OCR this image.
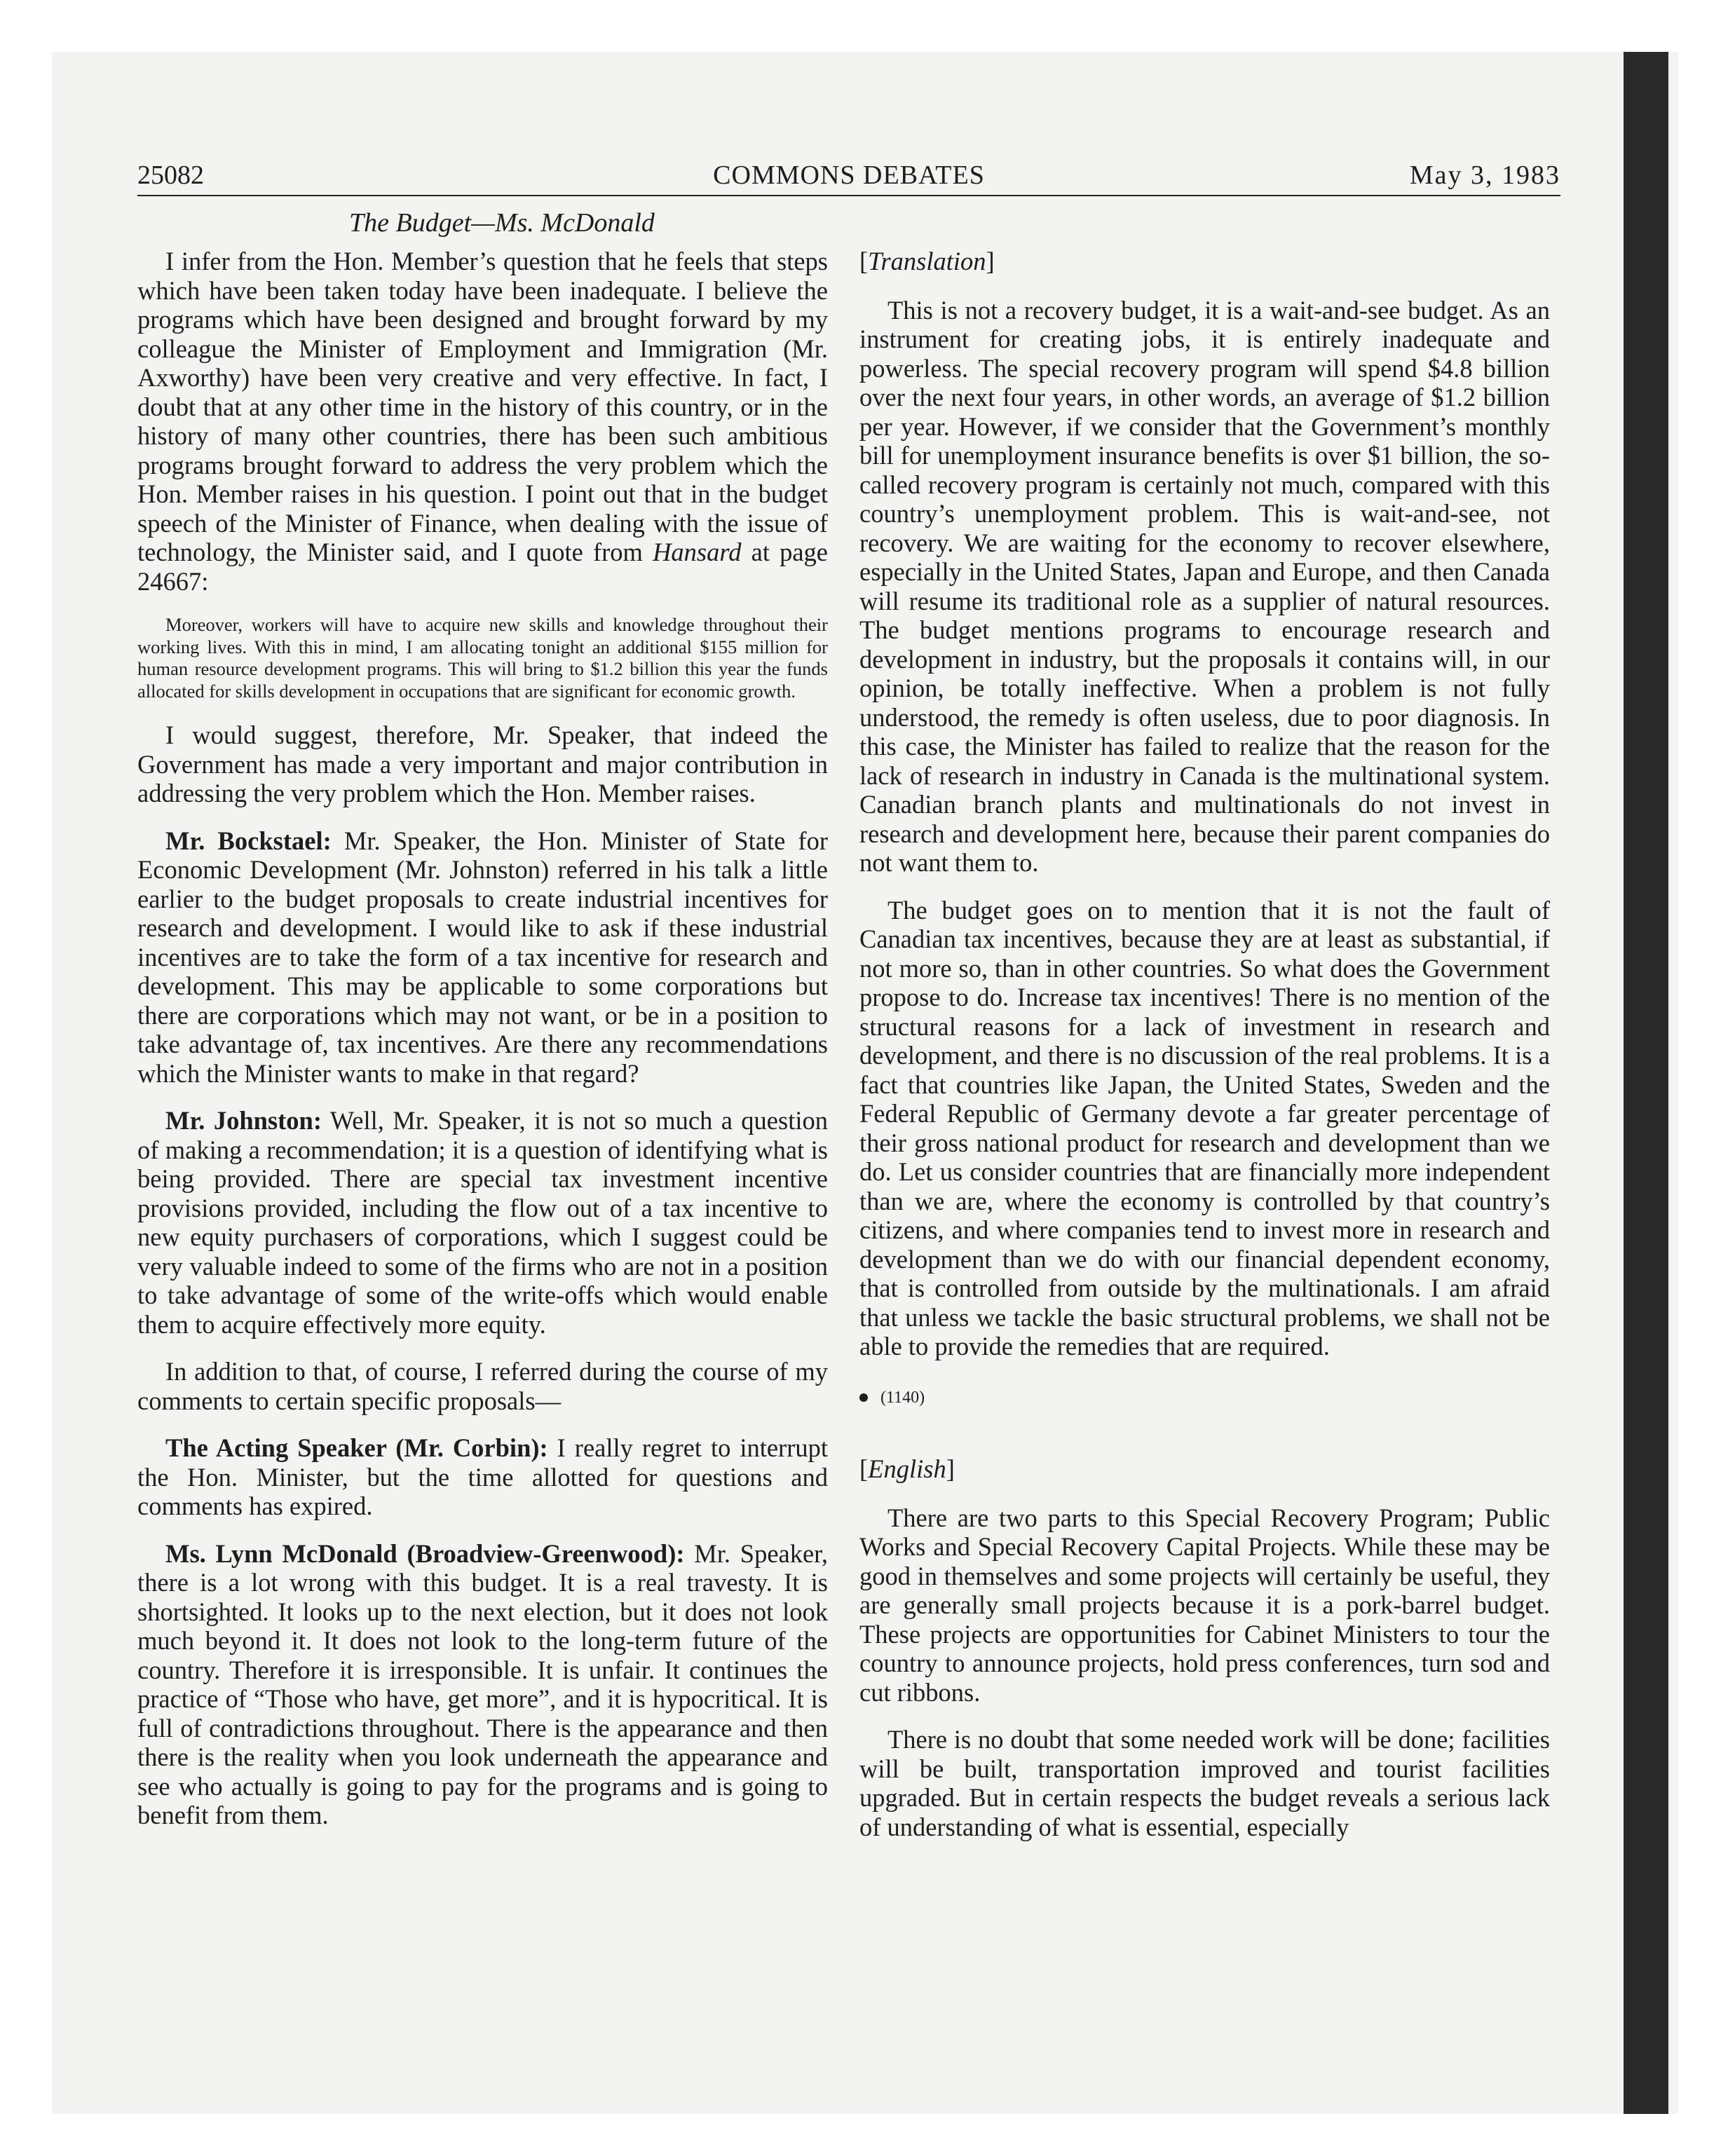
COMMONS DEBATES
25082	May 3, 1983
The Budget—Ms. McDonald

I infer from the Hon. Member’s question that he feels that steps which have been taken today have been inadequate. I believe the programs which have been designed and brought forward by my colleague the Minister of Employment and Immigration (Mr. Axworthy) have been very creative and very effective. In fact, I doubt that at any other time in the history of this country, or in the history of many other countries, there has been such ambitious programs brought forward to address the very problem which the Hon. Member raises in his question. I point out that in the budget speech of the Minister of Finance, when dealing with the issue of technology, the Minister said, and I quote from Hansard at page 24667:

Moreover, workers will have to acquire new skills and knowledge throughout their working lives. With this in mind, I am allocating tonight an additional $155 million for human resource development programs. This will bring to $1.2 billion this year the funds allocated for skills development in occupations that are significant for economic growth.

I would suggest, therefore, Mr. Speaker, that indeed the Government has made a very important and major contribution in addressing the very problem which the Hon. Member raises.

Mr. Bockstael: Mr. Speaker, the Hon. Minister of State for Economic Development (Mr. Johnston) referred in his talk a little earlier to the budget proposals to create industrial incentives for research and development. I would like to ask if these industrial incentives are to take the form of a tax incentive for research and development. This may be applicable to some corporations but there are corporations which may not want, or be in a position to take advantage of, tax incentives. Are there any recommendations which the Minister wants to make in that regard?

Mr. Johnston: Well, Mr. Speaker, it is not so much a question of making a recommendation; it is a question of identifying what is being provided. There are special tax investment incentive provisions provided, including the flow out of a tax incentive to new equity purchasers of corporations, which I suggest could be very valuable indeed to some of the firms who are not in a position to take advantage of some of the write-offs which would enable them to acquire effectively more equity.

In addition to that, of course, I referred during the course of my comments to certain specific proposals—

The Acting Speaker (Mr. Corbin): I really regret to interrupt the Hon. Minister, but the time allotted for questions and comments has expired.

Ms. Lynn McDonald (Broadview-Greenwood): Mr. Speaker, there is a lot wrong with this budget. It is a real travesty. It is shortsighted. It looks up to the next election, but it does not look much beyond it. It does not look to the long-term future of the country. Therefore it is irresponsible. It is unfair. It continues the practice of “Those who have, get more”, and it is hypocritical. It is full of contradictions throughout. There is the appearance and then there is the reality when you look underneath the appearance and see who actually is going to pay for the programs and is going to benefit from them.

[Translation]

This is not a recovery budget, it is a wait-and-see budget. As an instrument for creating jobs, it is entirely inadequate and powerless. The special recovery program will spend $4.8 billion over the next four years, in other words, an average of $1.2 billion per year. However, if we consider that the Government’s monthly bill for unemployment insurance benefits is over $1 billion, the so-called recovery program is certainly not much, compared with this country’s unemployment problem. This is wait-and-see, not recovery. We are waiting for the economy to recover elsewhere, especially in the United States, Japan and Europe, and then Canada will resume its traditional role as a supplier of natural resources. The budget mentions programs to encourage research and development in industry, but the proposals it contains will, in our opinion, be totally ineffective. When a problem is not fully understood, the remedy is often useless, due to poor diagnosis. In this case, the Minister has failed to realize that the reason for the lack of research in industry in Canada is the multinational system. Canadian branch plants and multinationals do not invest in research and development here, because their parent companies do not want them to.

The budget goes on to mention that it is not the fault of Canadian tax incentives, because they are at least as substantial, if not more so, than in other countries. So what does the Government propose to do. Increase tax incentives! There is no mention of the structural reasons for a lack of investment in research and development, and there is no discussion of the real problems. It is a fact that countries like Japan, the United States, Sweden and the Federal Republic of Germany devote a far greater percentage of their gross national product for research and development than we do. Let us consider countries that are financially more independent than we are, where the economy is controlled by that country’s citizens, and where companies tend to invest more in research and development than we do with our financial dependent economy, that is controlled from outside by the multinationals. I am afraid that unless we tackle the basic structural problems, we shall not be able to provide the remedies that are required.

(1140)
[English]

There are two parts to this Special Recovery Program; Public Works and Special Recovery Capital Projects. While these may be good in themselves and some projects will certainly be useful, they are generally small projects because it is a pork-barrel budget. These projects are opportunities for Cabinet Ministers to tour the country to announce projects, hold press conferences, turn sod and cut ribbons.

There is no doubt that some needed work will be done; facilities will be built, transportation improved and tourist facilities upgraded. But in certain respects the budget reveals a serious lack of understanding of what is essential, especially
